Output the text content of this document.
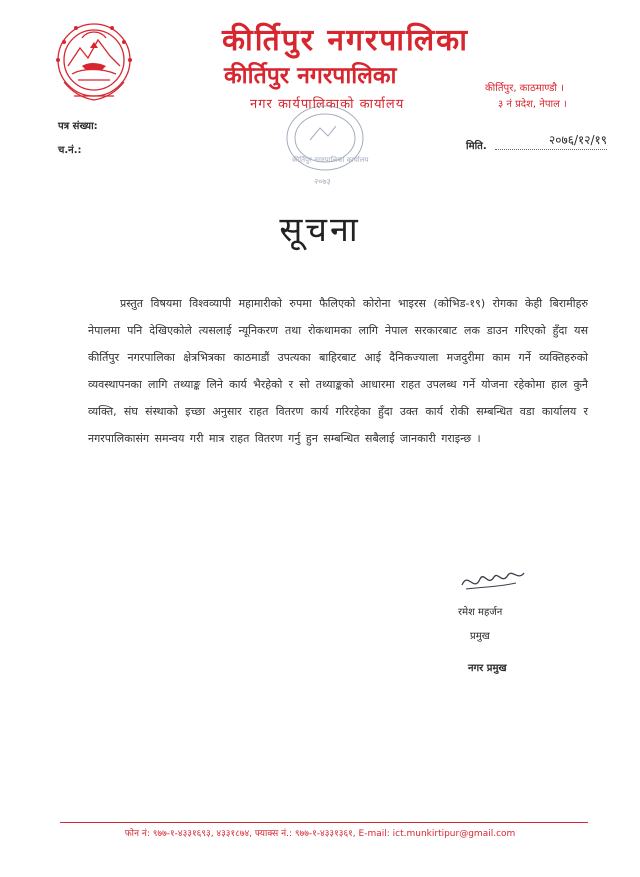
कीर्तिपुर नगरपालिका
कीर्तिपुर नगरपालिका
नगर कार्यपालिकाको कार्यालय
कीर्तिपुर, काठमाण्डौ ।
३ नं प्रदेश, नेपाल ।
पत्र संख्या:
च.नं.:	मिति.	२०७६/१२/१९
कीर्तिपुर नगरपालिका कार्यालय
२०७३
सूचना
प्रस्तुत विषयमा विश्वव्यापी महामारीको रुपमा फैलिएको कोरोना भाइरस (कोभिड-१९) रोगका केही बिरामीहरु नेपालमा पनि देखिएकोले त्यसलाई न्यूनिकरण तथा रोकथामका लागि नेपाल सरकारबाट लक डाउन गरिएको हुँदा यस कीर्तिपुर नगरपालिका क्षेत्रभित्रका काठमाडौं उपत्यका बाहिरबाट आई दैनिकज्याला मजदुरीमा काम गर्ने व्यक्तिहरुको व्यवस्थापनका लागि तथ्याङ्क लिने कार्य भैरहेको र सो तथ्याङ्कको आधारमा राहत उपलब्ध गर्ने योजना रहेकोमा हाल कुनै व्यक्ति, संघ संस्थाको इच्छा अनुसार राहत वितरण कार्य गरिरहेका हुँदा उक्त कार्य रोकी सम्बन्धित वडा कार्यालय र नगरपालिकासंग समन्वय गरी मात्र राहत वितरण गर्नु हुन सम्बन्धित सबैलाई जानकारी गराइन्छ ।
रमेश महर्जन
प्रमुख
नगर प्रमुख
फोन नं: ९७७-१-४३३१६९३, ४३३१८७४, फ्याक्स नं.: ९७७-१-४३३१३६१, E-mail: ict.munkirtipur@gmail.com
